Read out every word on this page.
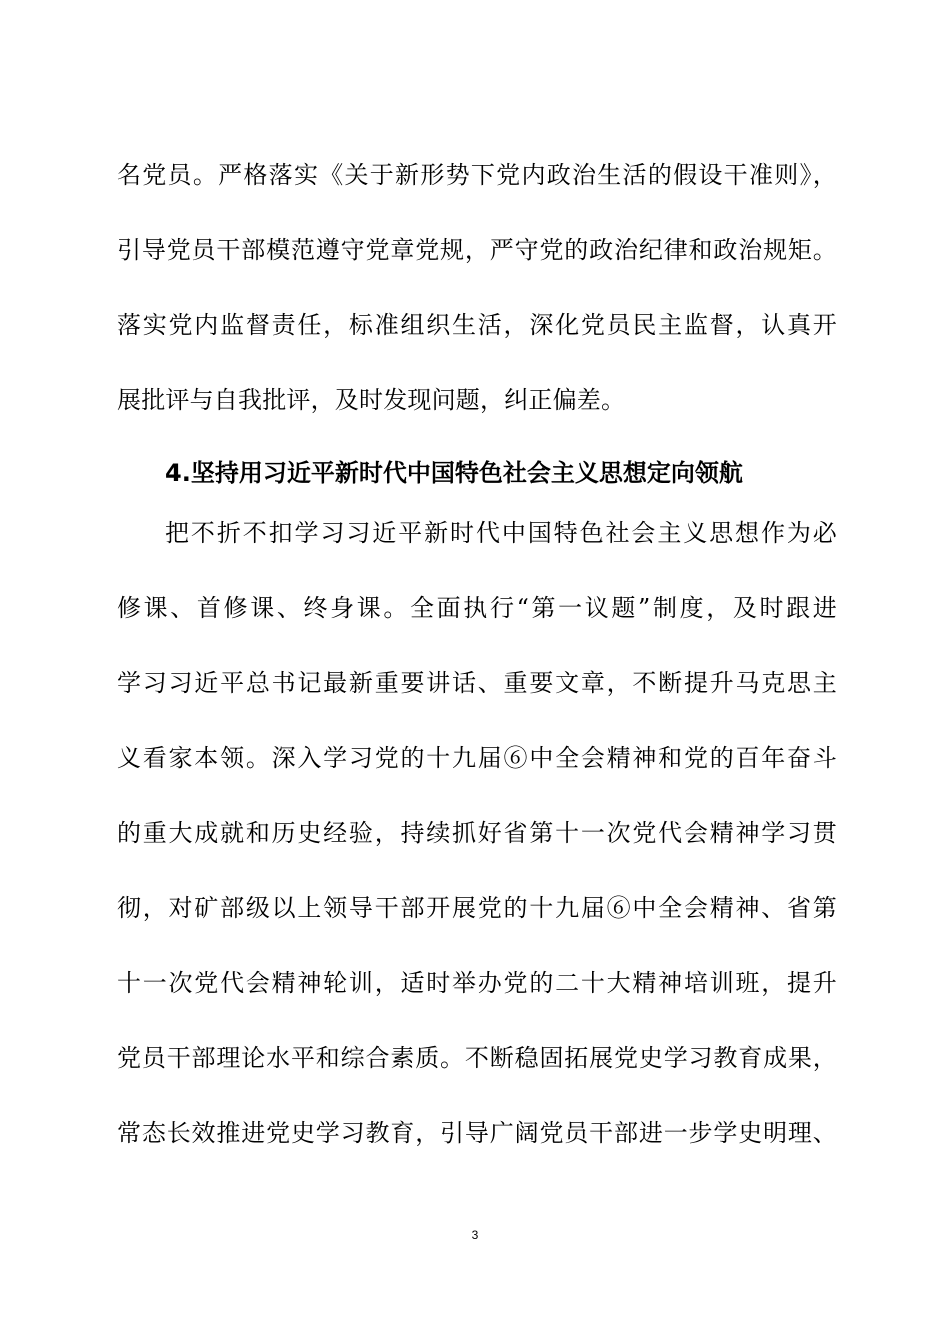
名党员。严格落实《关于新形势下党内政治生活的假设干准则》，
引导党员干部模范遵守党章党规，严守党的政治纪律和政治规矩。
落实党内监督责任，标准组织生活，深化党员民主监督，认真开
展批评与自我批评，及时发现问题，纠正偏差。
4.坚持用习近平新时代中国特色社会主义思想定向领航
把不折不扣学习习近平新时代中国特色社会主义思想作为必
修课、首修课、终身课。全面执行“第一议题”制度，及时跟进
学习习近平总书记最新重要讲话、重要文章，不断提升马克思主
义看家本领。深入学习党的十九届⑥中全会精神和党的百年奋斗
的重大成就和历史经验，持续抓好省第十一次党代会精神学习贯
彻，对矿部级以上领导干部开展党的十九届⑥中全会精神、省第
十一次党代会精神轮训，适时举办党的二十大精神培训班，提升
党员干部理论水平和综合素质。不断稳固拓展党史学习教育成果，
常态长效推进党史学习教育，引导广阔党员干部进一步学史明理、
3
